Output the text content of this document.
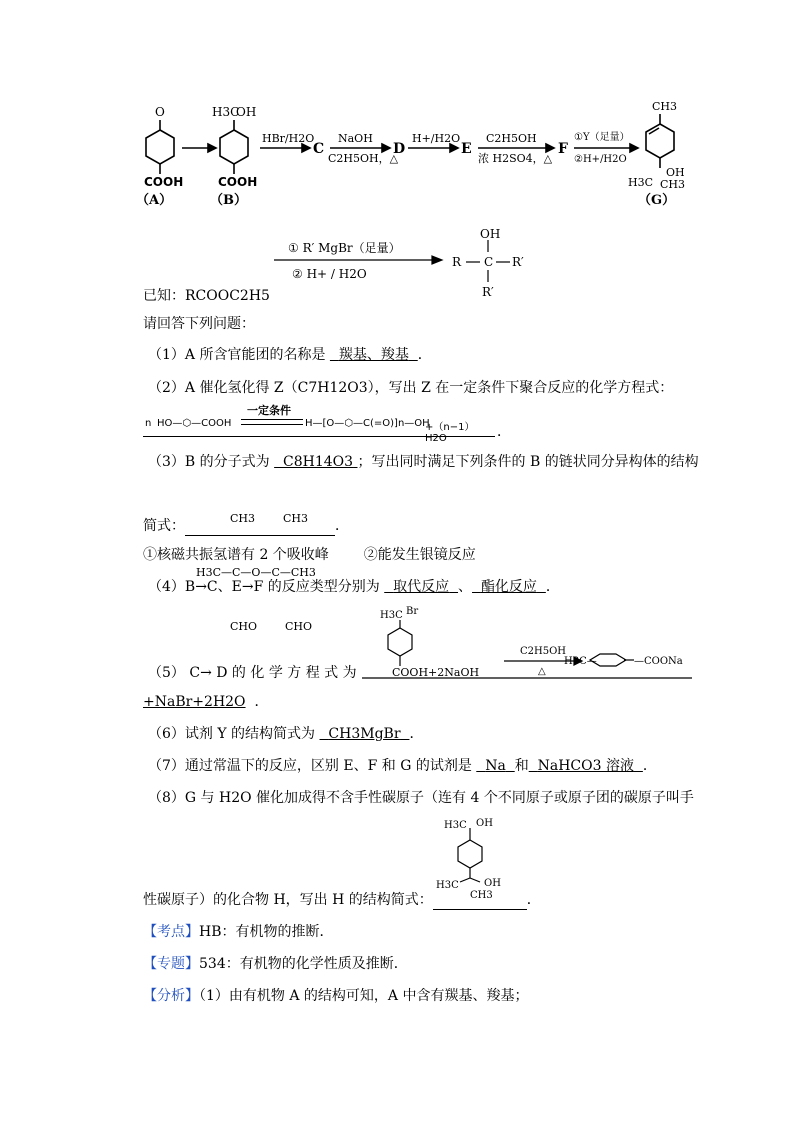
O
COOH
（A）
H3C
OH
COOH
（B）
HBr/H2O
C
NaOH
C2H5OH，△
D
H+/H2O
E
C2H5OH
浓 H2SO4，△
F
①Y（足量）
②H+/H2O
CH3
OH
H3C CH3
（G）
① R′ MgBr（足量）
② H+ / H2O
OH
R C R′
R′
已知：RCOOC2H5
请回答下列问题：
（1）A 所含官能团的名称是 羰基、羧基 ．
（2）A 催化氢化得 Z（C7H12O3），写出 Z 在一定条件下聚合反应的化学方程式：
n HO—⬡—COOH
一定条件
H—[O—⬡—C(=O)]n—OH
+（n−1）H2O	．
（3）B 的分子式为 C8H14O3 ；写出同时满足下列条件的 B 的链状同分异构体的结构

CH3        CH3

H3C—C—O—C—CH3

CHO        CHO

简式：	．
①核磁共振氢谱有 2 个吸收峰 ②能发生银镜反应
（4）B→C、E→F 的反应类型分别为 取代反应 、 酯化反应 ．
（5） C→ D 的 化 学 方 程 式 为
H3C Br
COOH+2NaOH
C2H5OH
△
H3C—	—COONa
+NaBr+2H2O ．
（6）试剂 Y 的结构简式为 CH3MgBr ．
（7）通过常温下的反应，区别 E、F 和 G 的试剂是 Na 和 NaHCO3 溶液 ．
（8）G 与 H2O 催化加成得不含手性碳原子（连有 4 个不同原子或原子团的碳原子叫手
H3C OH
H3C	OH
CH3
性碳原子）的化合物 H，写出 H 的结构简式：	．
【考点】HB：有机物的推断．
【专题】534：有机物的化学性质及推断．
【分析】（1）由有机物 A 的结构可知，A 中含有羰基、羧基；
